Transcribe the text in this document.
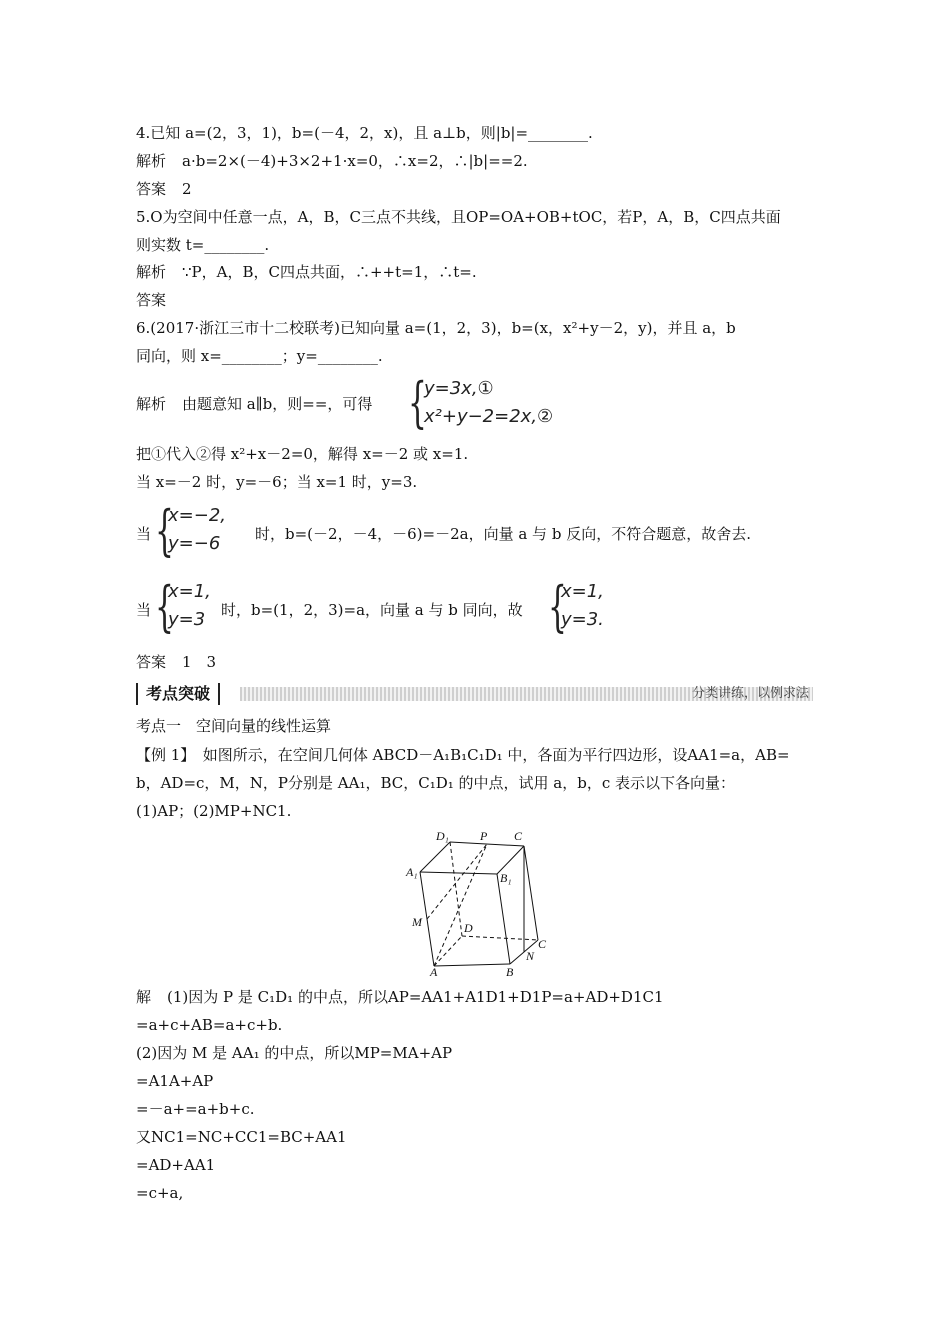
4.已知 a=(2，3，1)，b=(－4，2，x)，且 a⊥b，则|b|=________.
解析 a·b=2×(－4)+3×2+1·x=0，∴x=2，∴|b|==2.
答案 2
5.O为空间中任意一点，A，B，C三点不共线，且OP=OA+OB+tOC，若P，A，B，C四点共面
则实数 t=________.
解析 ∵P，A，B，C四点共面，∴++t=1，∴t=.
答案
6.(2017·浙江三市十二校联考)已知向量 a=(1，2，3)，b=(x，x²+y－2，y)，并且 a，b
同向，则 x=________；y=________.
解析 由题意知 a∥b，则==，可得 {
y=3x,①
x²+y−2=2x,②
把①代入②得 x²+x－2=0，解得 x=－2 或 x=1.
当 x=－2 时，y=－6；当 x=1 时，y=3.
当	时，b=(－2，－4，－6)=－2a，向量 a 与 b 反向，不符合题意，故舍去.
{
x=−2,
y=−6
当	时，b=(1，2，3)=a，向量 a 与 b 同向，故
{
x=1,
y=3	{
x=1,
y=3.
答案 1　3
考点突破	分类讲练，以例求法
考点一　空间向量的线性运算
【例 1】　如图所示，在空间几何体 ABCD－A₁B₁C₁D₁ 中，各面为平行四边形，设AA1=a，AB=
b，AD=c，M，N，P分别是 AA₁，BC，C₁D₁ 的中点，试用 a，b，c 表示以下各向量：
(1)AP；(2)MP+NC1.
D₁	P C
A₁	B₁
M	D
A	B
N
C
解 (1)因为 P 是 C₁D₁ 的中点，所以AP=AA1+A1D1+D1P=a+AD+D1C1
=a+c+AB=a+c+b.
(2)因为 M 是 AA₁ 的中点，所以MP=MA+AP
=A1A+AP
=－a+=a+b+c.
又NC1=NC+CC1=BC+AA1
=AD+AA1
=c+a,
